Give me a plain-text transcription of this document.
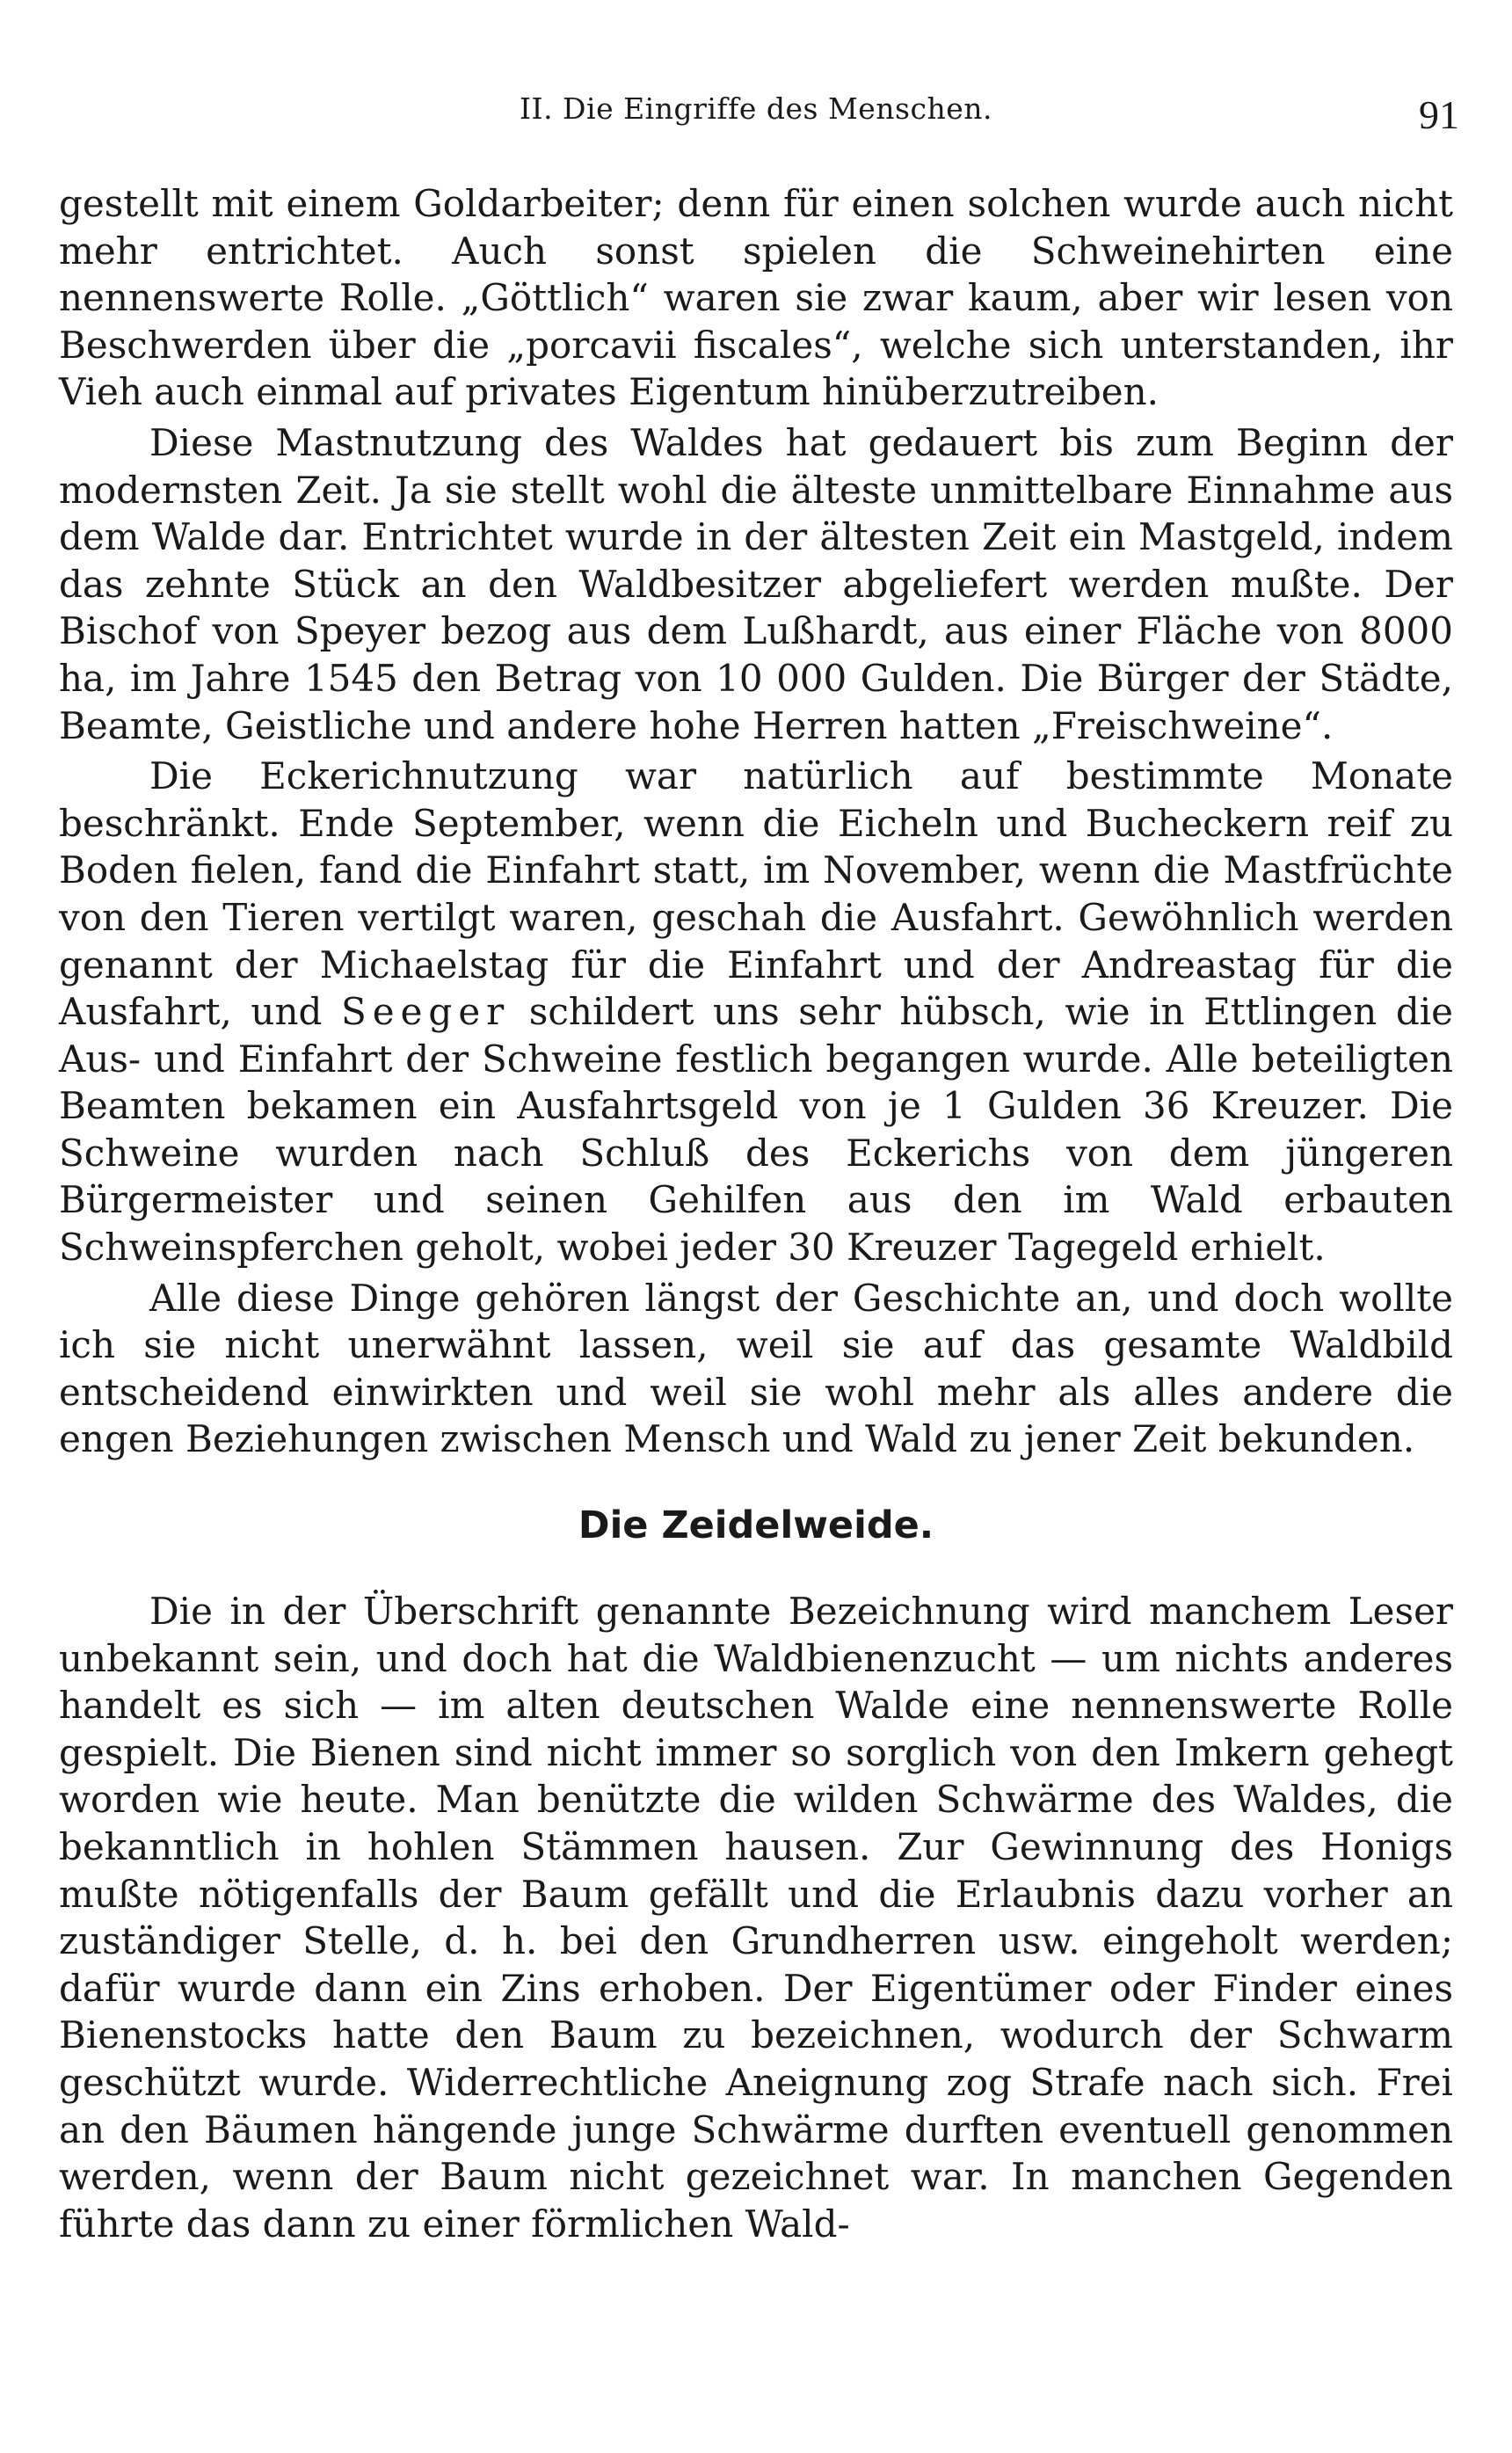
II. Die Eingriffe des Menschen.	91

gestellt mit einem Goldarbeiter; denn für einen solchen wurde auch nicht mehr entrichtet. Auch sonst spielen die Schweinehirten eine nennenswerte Rolle. „Göttlich“ waren sie zwar kaum, aber wir lesen von Beschwerden über die „porcavii fiscales“, welche sich unterstanden, ihr Vieh auch einmal auf privates Eigentum hinüberzutreiben.

Diese Mastnutzung des Waldes hat gedauert bis zum Beginn der modernsten Zeit. Ja sie stellt wohl die älteste unmittelbare Einnahme aus dem Walde dar. Entrichtet wurde in der ältesten Zeit ein Mastgeld, indem das zehnte Stück an den Waldbesitzer abgeliefert werden mußte. Der Bischof von Speyer bezog aus dem Lußhardt, aus einer Fläche von 8000 ha, im Jahre 1545 den Betrag von 10 000 Gulden. Die Bürger der Städte, Beamte, Geistliche und andere hohe Herren hatten „Freischweine“.

Die Eckerichnutzung war natürlich auf bestimmte Monate beschränkt. Ende September, wenn die Eicheln und Bucheckern reif zu Boden fielen, fand die Einfahrt statt, im November, wenn die Mastfrüchte von den Tieren vertilgt waren, geschah die Ausfahrt. Gewöhnlich werden genannt der Michaelstag für die Einfahrt und der Andreastag für die Ausfahrt, und Seeger schildert uns sehr hübsch, wie in Ettlingen die Aus- und Einfahrt der Schweine festlich begangen wurde. Alle beteiligten Beamten bekamen ein Ausfahrtsgeld von je 1 Gulden 36 Kreuzer. Die Schweine wurden nach Schluß des Eckerichs von dem jüngeren Bürgermeister und seinen Gehilfen aus den im Wald erbauten Schweinspferchen geholt, wobei jeder 30 Kreuzer Tagegeld erhielt.

Alle diese Dinge gehören längst der Geschichte an, und doch wollte ich sie nicht unerwähnt lassen, weil sie auf das gesamte Waldbild entscheidend einwirkten und weil sie wohl mehr als alles andere die engen Beziehungen zwischen Mensch und Wald zu jener Zeit bekunden.

Die Zeidelweide.

Die in der Überschrift genannte Bezeichnung wird manchem Leser unbekannt sein, und doch hat die Waldbienenzucht — um nichts anderes handelt es sich — im alten deutschen Walde eine nennenswerte Rolle gespielt. Die Bienen sind nicht immer so sorglich von den Imkern gehegt worden wie heute. Man benützte die wilden Schwärme des Waldes, die bekanntlich in hohlen Stämmen hausen. Zur Gewinnung des Honigs mußte nötigenfalls der Baum gefällt und die Erlaubnis dazu vorher an zuständiger Stelle, d. h. bei den Grundherren usw. eingeholt werden; dafür wurde dann ein Zins erhoben. Der Eigentümer oder Finder eines Bienenstocks hatte den Baum zu bezeichnen, wodurch der Schwarm geschützt wurde. Widerrechtliche Aneignung zog Strafe nach sich. Frei an den Bäumen hängende junge Schwärme durften eventuell genommen werden, wenn der Baum nicht gezeichnet war. In manchen Gegenden führte das dann zu einer förmlichen Wald-
